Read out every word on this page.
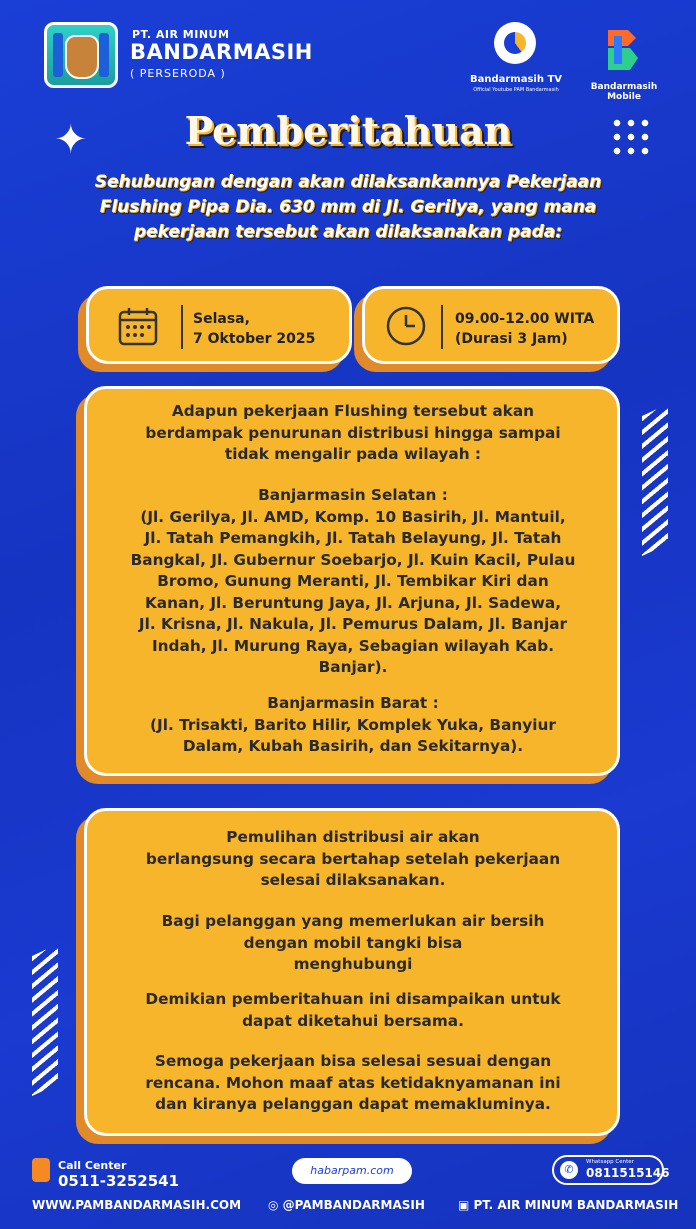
PT. AIR MINUM
BANDARMASIH
( PERSERODA )	Bandarmasih TV
Official Youtube PAM Bandarmasih	Bandarmasih Mobile
✦	Pemberitahuan
Sehubungan dengan akan dilaksankannya Pekerjaan Flushing Pipa Dia. 630 mm di Jl. Gerilya, yang mana pekerjaan tersebut akan dilaksanakan pada:
Selasa,
7 Oktober 2025
09.00-12.00 WITA
(Durasi 3 Jam)
Adapun pekerjaan Flushing tersebut akan
berdampak penurunan distribusi hingga sampai
tidak mengalir pada wilayah :
Banjarmasin Selatan :
(Jl. Gerilya, Jl. AMD, Komp. 10 Basirih, Jl. Mantuil,
Jl. Tatah Pemangkih, Jl. Tatah Belayung, Jl. Tatah
Bangkal, Jl. Gubernur Soebarjo, Jl. Kuin Kacil, Pulau
Bromo, Gunung Meranti, Jl. Tembikar Kiri dan
Kanan, Jl. Beruntung Jaya, Jl. Arjuna, Jl. Sadewa,
Jl. Krisna, Jl. Nakula, Jl. Pemurus Dalam, Jl. Banjar
Indah, Jl. Murung Raya, Sebagian wilayah Kab.
Banjar).
Banjarmasin Barat :
(Jl. Trisakti, Barito Hilir, Komplek Yuka, Banyiur
Dalam, Kubah Basirih, dan Sekitarnya).
Pemulihan distribusi air akan
berlangsung secara bertahap setelah pekerjaan
selesai dilaksanakan.
Bagi pelanggan yang memerlukan air bersih
dengan mobil tangki bisa
menghubungi
Demikian pemberitahuan ini disampaikan untuk
dapat diketahui bersama.
Semoga pekerjaan bisa selesai sesuai dengan
rencana. Mohon maaf atas ketidaknyamanan ini
dan kiranya pelanggan dapat memakluminya.
Call Center
0511-3252541
habarpam.com	✆
Whatsapp Center
0811515146
WWW.PAMBANDARMASIH.COM ◎ @PAMBANDARMASIH	▣ PT. AIR MINUM BANDARMASIH
